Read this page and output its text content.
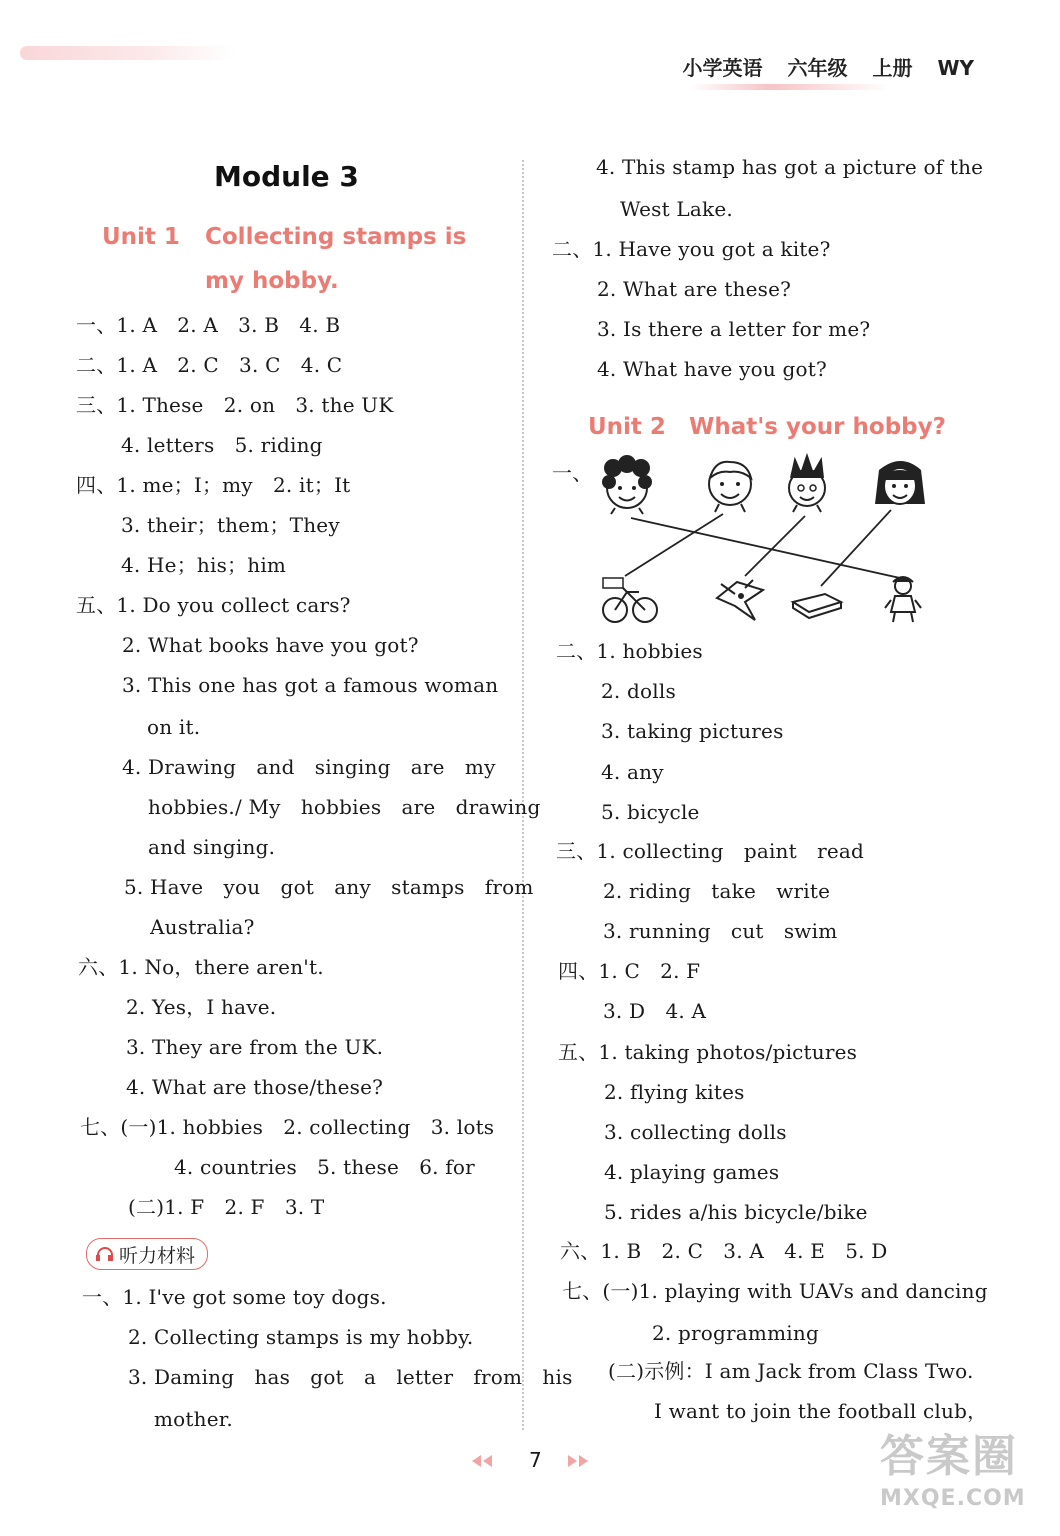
小学英语 六年级 上册 WY
Module 3
Unit 1 Collecting stamps is
my hobby.
一、1. A　2. A　3. B　4. B
二、1. A　2. C　3. C　4. C
三、1. These　2. on　3. the UK
4. letters　5. riding
四、1. me；I；my　2. it；It
3. their；them；They
4. He；his；him
五、1. Do you collect cars?
2. What books have you got?
3. This one has got a famous woman
on it.
4. Drawing　and　singing　are　my
hobbies./ My　hobbies　are　drawing
and singing.
5. Have　you　got　any　stamps　from
Australia?
六、1. No，there aren't.
2. Yes，I have.
3. They are from the UK.
4. What are those/these?
七、(一)1. hobbies　2. collecting　3. lots
4. countries　5. these　6. for
(二)1. F　2. F　3. T
听力材料
一、1. I've got some toy dogs.
2. Collecting stamps is my hobby.
3. Daming　has　got　a　letter　from　his
mother.
4. This stamp has got a picture of the
West Lake.
二、1. Have you got a kite?
2. What are these?
3. Is there a letter for me?
4. What have you got?
Unit 2 What's your hobby?
一、
二、1. hobbies
2. dolls
3. taking pictures
4. any
5. bicycle
三、1. collecting　paint　read
2. riding　take　write
3. running　cut　swim
四、1. C　2. F
3. D　4. A
五、1. taking photos/pictures
2. flying kites
3. collecting dolls
4. playing games
5. rides a/his bicycle/bike
六、1. B　2. C　3. A　4. E　5. D
七、(一)1. playing with UAVs and dancing
2. programming
(二)示例：I am Jack from Class Two.
I want to join the football club，
7	答案圈
MXQE.COM
